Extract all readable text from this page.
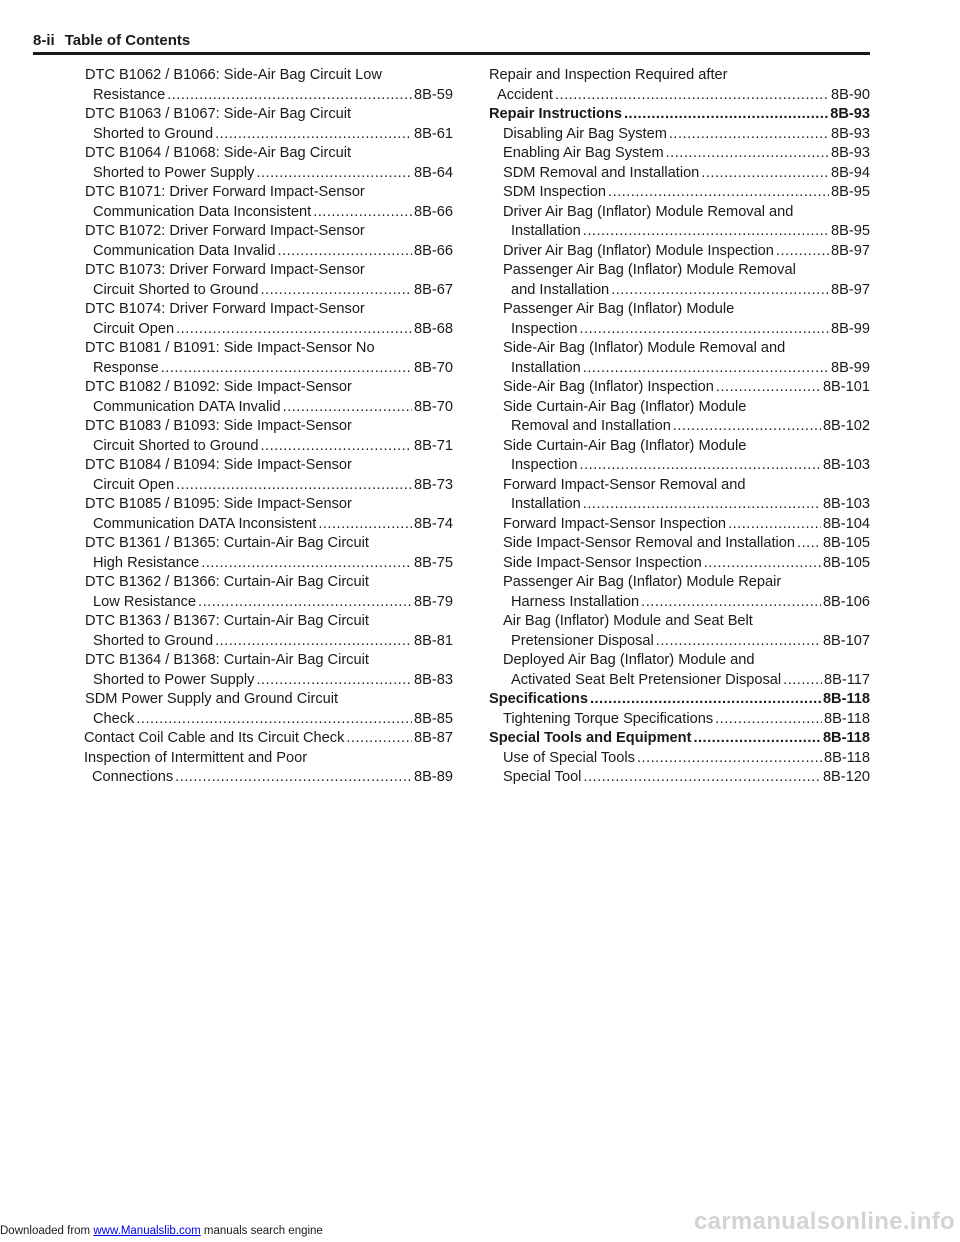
8-ii Table of Contents
DTC B1062 / B1066: Side-Air Bag Circuit Low
Resistance .....	8B-59
DTC B1063 / B1067: Side-Air Bag Circuit
Shorted to Ground .....	8B-61
DTC B1064 / B1068: Side-Air Bag Circuit
Shorted to Power Supply .....	8B-64
DTC B1071: Driver Forward Impact-Sensor
Communication Data Inconsistent .....	8B-66
DTC B1072: Driver Forward Impact-Sensor
Communication Data Invalid .....	8B-66
DTC B1073: Driver Forward Impact-Sensor
Circuit Shorted to Ground .....	8B-67
DTC B1074: Driver Forward Impact-Sensor
Circuit Open .....	8B-68
DTC B1081 / B1091: Side Impact-Sensor No
Response .....	8B-70
DTC B1082 / B1092: Side Impact-Sensor
Communication DATA Invalid .....	8B-70
DTC B1083 / B1093: Side Impact-Sensor
Circuit Shorted to Ground .....	8B-71
DTC B1084 / B1094: Side Impact-Sensor
Circuit Open .....	8B-73
DTC B1085 / B1095: Side Impact-Sensor
Communication DATA Inconsistent .....	8B-74
DTC B1361 / B1365: Curtain-Air Bag Circuit
High Resistance .....	8B-75
DTC B1362 / B1366: Curtain-Air Bag Circuit
Low Resistance .....	8B-79
DTC B1363 / B1367: Curtain-Air Bag Circuit
Shorted to Ground .....	8B-81
DTC B1364 / B1368: Curtain-Air Bag Circuit
Shorted to Power Supply .....	8B-83
SDM Power Supply and Ground Circuit
Check .....	8B-85
Contact Coil Cable and Its Circuit Check .....	8B-87
Inspection of Intermittent and Poor
Connections .....	8B-89
Repair and Inspection Required after
Accident .....	8B-90
Repair Instructions .....	8B-93
Disabling Air Bag System .....	8B-93
Enabling Air Bag System .....	8B-93
SDM Removal and Installation .....	8B-94
SDM Inspection .....	8B-95
Driver Air Bag (Inflator) Module Removal and
Installation .....	8B-95
Driver Air Bag (Inflator) Module Inspection .....	8B-97
Passenger Air Bag (Inflator) Module Removal
and Installation .....	8B-97
Passenger Air Bag (Inflator) Module
Inspection .....	8B-99
Side-Air Bag (Inflator) Module Removal and
Installation .....	8B-99
Side-Air Bag (Inflator) Inspection .....	8B-101
Side Curtain-Air Bag (Inflator) Module
Removal and Installation .....	8B-102
Side Curtain-Air Bag (Inflator) Module
Inspection .....	8B-103
Forward Impact-Sensor Removal and
Installation .....	8B-103
Forward Impact-Sensor Inspection .....	8B-104
Side Impact-Sensor Removal and Installation ..... 8B-105
Side Impact-Sensor Inspection .....	8B-105
Passenger Air Bag (Inflator) Module Repair
Harness Installation .....	8B-106
Air Bag (Inflator) Module and Seat Belt
Pretensioner Disposal .....	8B-107
Deployed Air Bag (Inflator) Module and
Activated Seat Belt Pretensioner Disposal .....	8B-117
Specifications .....	8B-118
Tightening Torque Specifications .....	8B-118
Special Tools and Equipment .....	8B-118
Use of Special Tools .....	8B-118
Special Tool .....	8B-120
Downloaded from www.Manualslib.com manuals search engine	carmanualsonline.info
